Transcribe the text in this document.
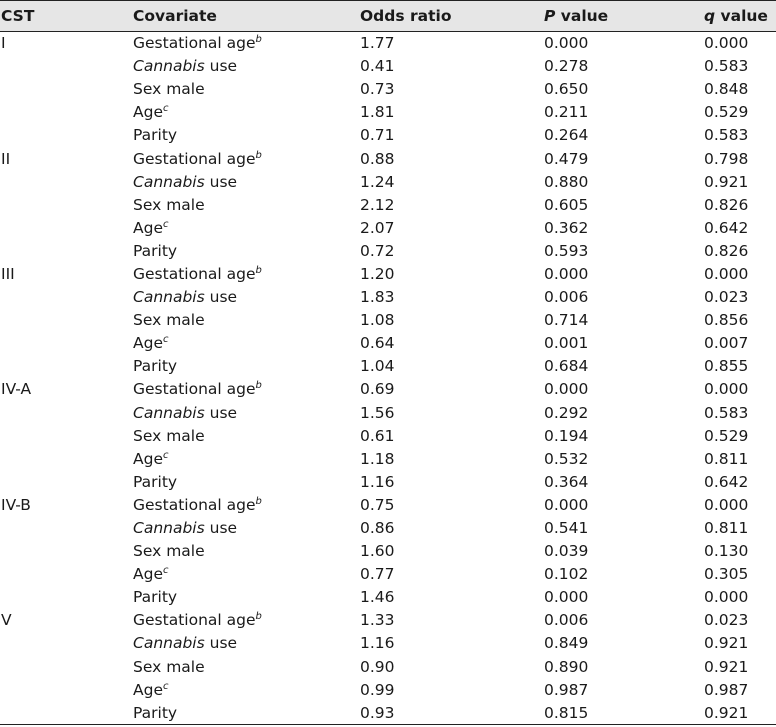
CST	Covariate	Odds ratio	P value	q value
I	Gestational age$^b$	1.77	0.000	0.000
	Cannabis use	0.41	0.278	0.583
	Sex male	0.73	0.650	0.848
	Age$^c$	1.81	0.211	0.529
	Parity	0.71	0.264	0.583
II	Gestational age$^b$	0.88	0.479	0.798
	Cannabis use	1.24	0.880	0.921
	Sex male	2.12	0.605	0.826
	Age$^c$	2.07	0.362	0.642
	Parity	0.72	0.593	0.826
III	Gestational age$^b$	1.20	0.000	0.000
	Cannabis use	1.83	0.006	0.023
	Sex male	1.08	0.714	0.856
	Age$^c$	0.64	0.001	0.007
	Parity	1.04	0.684	0.855
IV-A	Gestational age$^b$	0.69	0.000	0.000
	Cannabis use	1.56	0.292	0.583
	Sex male	0.61	0.194	0.529
	Age$^c$	1.18	0.532	0.811
	Parity	1.16	0.364	0.642
IV-B	Gestational age$^b$	0.75	0.000	0.000
	Cannabis use	0.86	0.541	0.811
	Sex male	1.60	0.039	0.130
	Age$^c$	0.77	0.102	0.305
	Parity	1.46	0.000	0.000
V	Gestational age$^b$	1.33	0.006	0.023
	Cannabis use	1.16	0.849	0.921
	Sex male	0.90	0.890	0.921
	Age$^c$	0.99	0.987	0.987
	Parity	0.93	0.815	0.921
